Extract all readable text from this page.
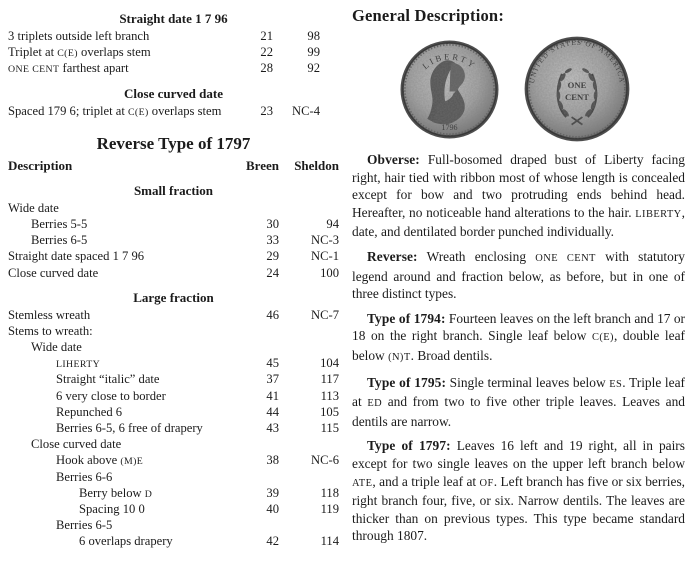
Straight date 1 7 96
3 triplets outside left branch	21	98
Triplet at C(E) overlaps stem	22	99
ONE CENT farthest apart	28	92
Close curved date
Spaced 179 6; triplet at C(E) overlaps stem	23	NC-4
Reverse Type of 1797
Description	Breen	Sheldon
Small fraction
Wide date
Berries 5-5	30	94
Berries 6-5	33	NC-3
Straight date spaced 1 7 96	29	NC-1
Close curved date	24	100
Large fraction
Stemless wreath	46	NC-7
Stems to wreath:
Wide date
LIHERTY	45	104
Straight “italic” date	37	117
6 very close to border	41	113
Repunched 6	44	105
Berries 6-5, 6 free of drapery	43	115
Close curved date
Hook above (M)E	38	NC-6
Berries 6-6
Berry below D	39	118
Spacing 10 0	40	119
Berries 6-5
6 overlaps drapery	42	114
General Description:

Obverse: Full-bosomed draped bust of Liberty facing right, hair tied with ribbon most of whose length is concealed except for bow and two protruding ends behind head. Hereafter, no noticeable hand alterations to the hair. LIBERTY, date, and dentilated border punched individually.

Reverse: Wreath enclosing ONE CENT with statutory legend around and fraction below, as before, but in one of three distinct types.

Type of 1794: Fourteen leaves on the left branch and 17 or 18 on the right branch. Single leaf below C(E), double leaf below (N)T. Broad dentils.

Type of 1795: Single terminal leaves below ES. Triple leaf at ED and from two to five other triple leaves. Leaves and dentils are narrow.

Type of 1797: Leaves 16 left and 19 right, all in pairs except for two single leaves on the upper left branch below ATE, and a triple leaf at OF. Left branch has five or six berries, right branch four, five, or six. Narrow dentils. The leaves are thicker than on previous types. This type became standard through 1807.
